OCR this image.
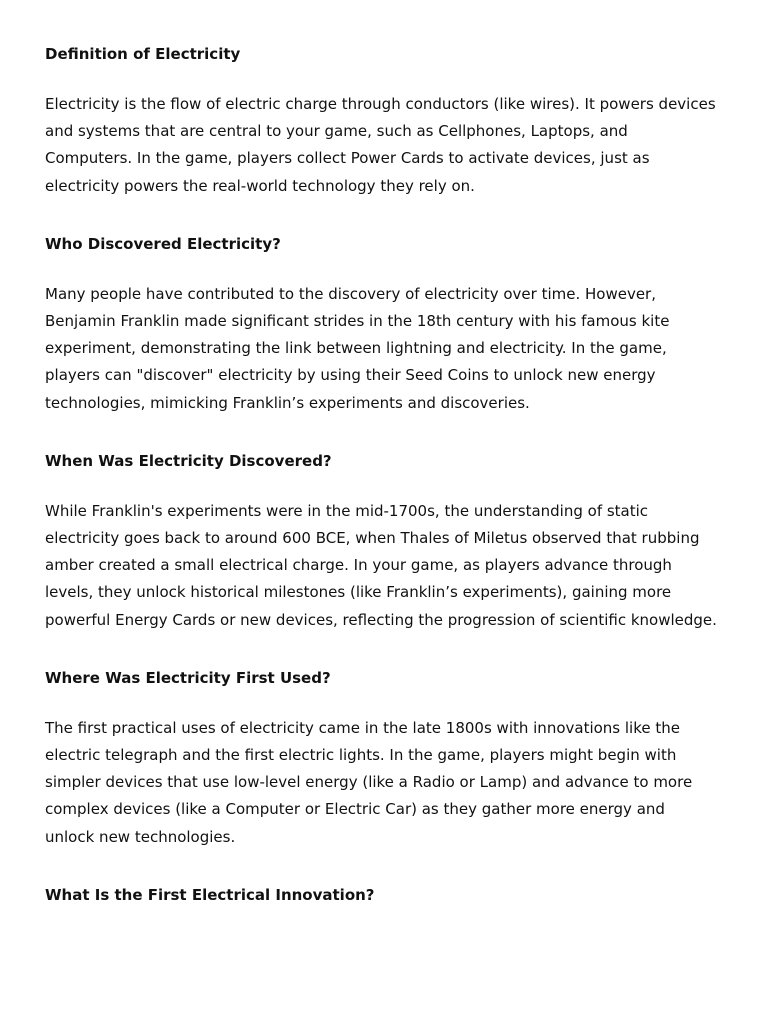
Definition of Electricity
Electricity is the flow of electric charge through conductors (like wires). It powers devices
and systems that are central to your game, such as Cellphones, Laptops, and
Computers. In the game, players collect Power Cards to activate devices, just as
electricity powers the real-world technology they rely on.
Who Discovered Electricity?
Many people have contributed to the discovery of electricity over time. However,
Benjamin Franklin made significant strides in the 18th century with his famous kite
experiment, demonstrating the link between lightning and electricity. In the game,
players can "discover" electricity by using their Seed Coins to unlock new energy
technologies, mimicking Franklin’s experiments and discoveries.
When Was Electricity Discovered?
While Franklin's experiments were in the mid-1700s, the understanding of static
electricity goes back to around 600 BCE, when Thales of Miletus observed that rubbing
amber created a small electrical charge. In your game, as players advance through
levels, they unlock historical milestones (like Franklin’s experiments), gaining more
powerful Energy Cards or new devices, reflecting the progression of scientific knowledge.
Where Was Electricity First Used?
The first practical uses of electricity came in the late 1800s with innovations like the
electric telegraph and the first electric lights. In the game, players might begin with
simpler devices that use low-level energy (like a Radio or Lamp) and advance to more
complex devices (like a Computer or Electric Car) as they gather more energy and
unlock new technologies.
What Is the First Electrical Innovation?
